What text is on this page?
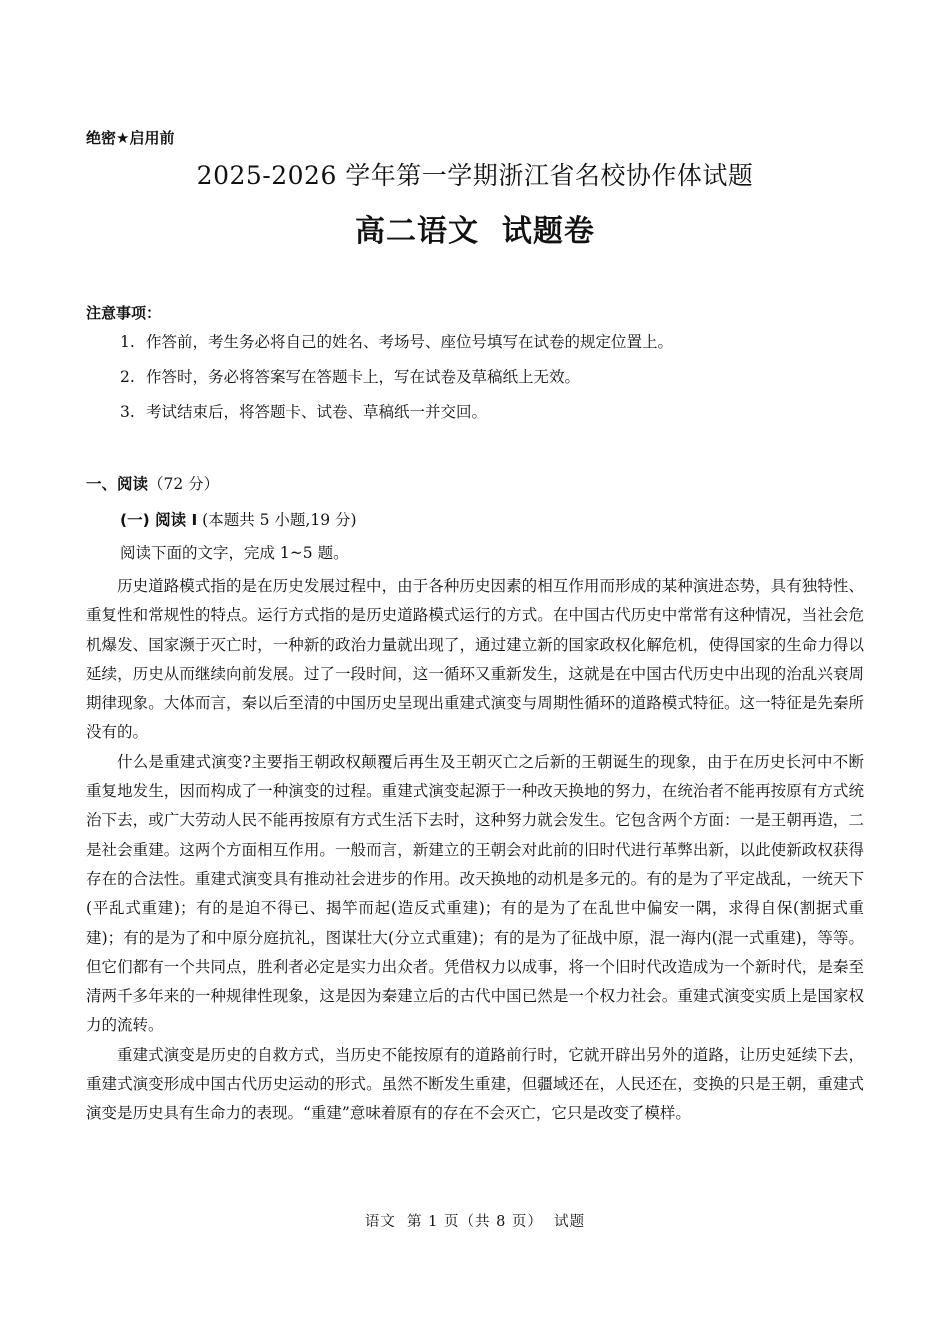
绝密★启用前
2025-2026 学年第一学期浙江省名校协作体试题
高二语文  试题卷
注意事项：
1. 作答前，考生务必将自己的姓名、考场号、座位号填写在试卷的规定位置上。
2. 作答时，务必将答案写在答题卡上，写在试卷及草稿纸上无效。
3. 考试结束后，将答题卡、试卷、草稿纸一并交回。
一、阅读（72 分）
(一) 阅读 I (本题共 5 小题,19 分)
阅读下面的文字，完成 1~5 题。

历史道路模式指的是在历史发展过程中，由于各种历史因素的相互作用而形成的某种演进态势，具有独特性、重复性和常规性的特点。运行方式指的是历史道路模式运行的方式。在中国古代历史中常常有这种情况，当社会危机爆发、国家濒于灭亡时，一种新的政治力量就出现了，通过建立新的国家政权化解危机，使得国家的生命力得以延续，历史从而继续向前发展。过了一段时间，这一循环又重新发生，这就是在中国古代历史中出现的治乱兴衰周期律现象。大体而言，秦以后至清的中国历史呈现出重建式演变与周期性循环的道路模式特征。这一特征是先秦所没有的。

什么是重建式演变?主要指王朝政权颠覆后再生及王朝灭亡之后新的王朝诞生的现象，由于在历史长河中不断重复地发生，因而构成了一种演变的过程。重建式演变起源于一种改天换地的努力，在统治者不能再按原有方式统治下去，或广大劳动人民不能再按原有方式生活下去时，这种努力就会发生。它包含两个方面：一是王朝再造，二是社会重建。这两个方面相互作用。一般而言，新建立的王朝会对此前的旧时代进行革弊出新，以此使新政权获得存在的合法性。重建式演变具有推动社会进步的作用。改天换地的动机是多元的。有的是为了平定战乱，一统天下(平乱式重建)；有的是迫不得已、揭竿而起(造反式重建)；有的是为了在乱世中偏安一隅，求得自保(割据式重建)；有的是为了和中原分庭抗礼，图谋壮大(分立式重建)；有的是为了征战中原，混一海内(混一式重建)，等等。但它们都有一个共同点，胜利者必定是实力出众者。凭借权力以成事，将一个旧时代改造成为一个新时代，是秦至清两千多年来的一种规律性现象，这是因为秦建立后的古代中国已然是一个权力社会。重建式演变实质上是国家权力的流转。

重建式演变是历史的自救方式，当历史不能按原有的道路前行时，它就开辟出另外的道路，让历史延续下去，重建式演变形成中国古代历史运动的形式。虽然不断发生重建，但疆域还在，人民还在，变换的只是王朝，重建式演变是历史具有生命力的表现。“重建”意味着原有的存在不会灭亡，它只是改变了模样。

语文  第 1 页（共 8 页）  试题
